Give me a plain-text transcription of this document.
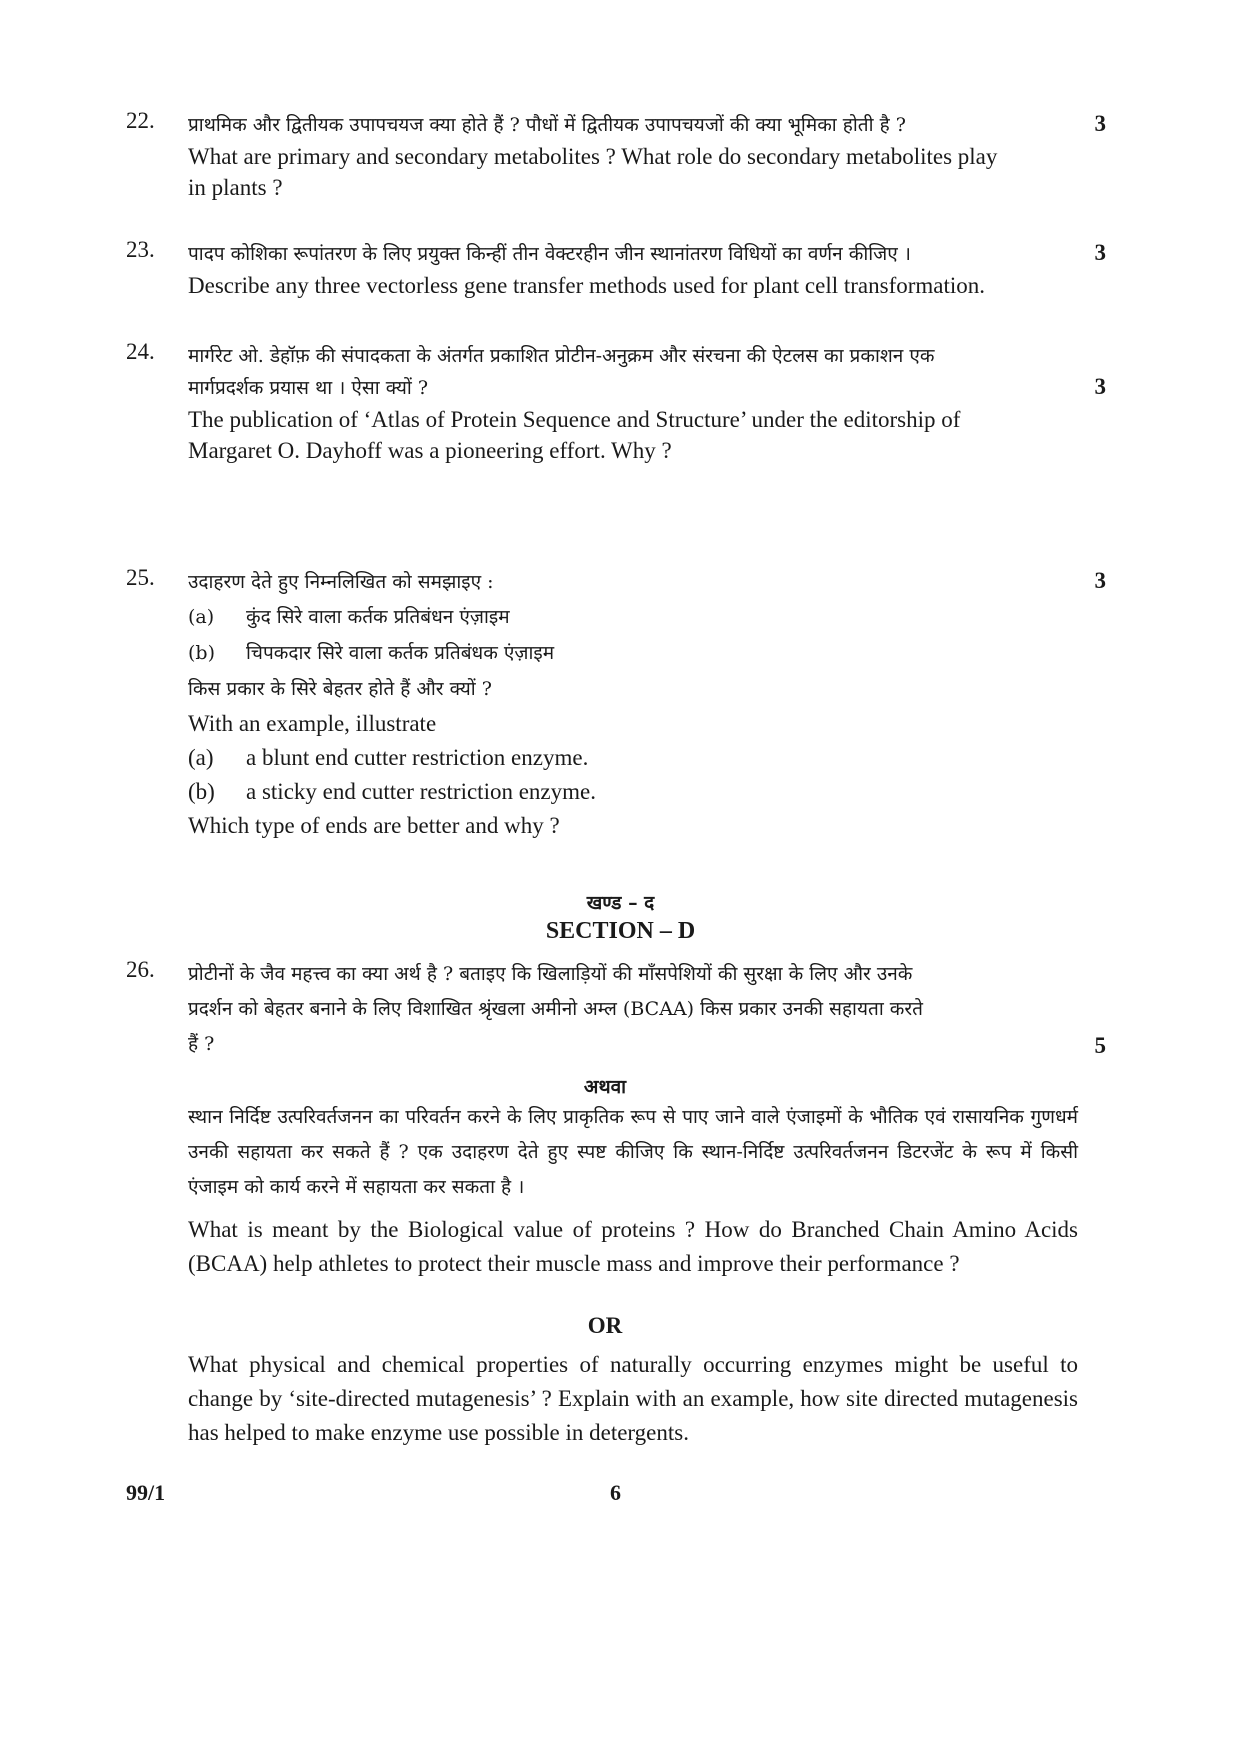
22. प्राथमिक और द्वितीयक उपापचयज क्या होते हैं ? पौधों में द्वितीयक उपापचयजों की क्या भूमिका होती है ?	3
What are primary and secondary metabolites ? What role do secondary metabolites play
in plants ?
23. पादप कोशिका रूपांतरण के लिए प्रयुक्त किन्हीं तीन वेक्टरहीन जीन स्थानांतरण विधियों का वर्णन कीजिए ।	3
Describe any three vectorless gene transfer methods used for plant cell transformation.
24. मार्गरेट ओ. डेहॉफ़ की संपादकता के अंतर्गत प्रकाशित प्रोटीन-अनुक्रम और संरचना की ऐटलस का प्रकाशन एक
मार्गप्रदर्शक प्रयास था । ऐसा क्यों ?	3
The publication of ‘Atlas of Protein Sequence and Structure’ under the editorship of
Margaret O. Dayhoff was a pioneering effort. Why ?
25. उदाहरण देते हुए निम्नलिखित को समझाइए :	3
(a) कुंद सिरे वाला कर्तक प्रतिबंधन एंज़ाइम
(b) चिपकदार सिरे वाला कर्तक प्रतिबंधक एंज़ाइम
किस प्रकार के सिरे बेहतर होते हैं और क्यों ?
With an example, illustrate
(a) a blunt end cutter restriction enzyme.
(b) a sticky end cutter restriction enzyme.
Which type of ends are better and why ?
खण्ड – द
SECTION – D
26. प्रोटीनों के जैव महत्त्व का क्या अर्थ है ? बताइए कि खिलाड़ियों की माँसपेशियों की सुरक्षा के लिए और उनके
प्रदर्शन को बेहतर बनाने के लिए विशाखित श्रृंखला अमीनो अम्ल (BCAA) किस प्रकार उनकी सहायता करते
हैं ?	5
अथवा
स्थान निर्दिष्ट उत्परिवर्तजनन का परिवर्तन करने के लिए प्राकृतिक रूप से पाए जाने वाले एंजाइमों के भौतिक एवं रासायनिक गुणधर्म उनकी सहायता कर सकते हैं ? एक उदाहरण देते हुए स्पष्ट कीजिए कि स्थान-निर्दिष्ट उत्परिवर्तजनन डिटरजेंट के रूप में किसी एंजाइम को कार्य करने में सहायता कर सकता है ।
What is meant by the Biological value of proteins ? How do Branched Chain Amino Acids (BCAA) help athletes to protect their muscle mass and improve their performance ?
OR
What physical and chemical properties of naturally occurring enzymes might be useful to change by ‘site-directed mutagenesis’ ? Explain with an example, how site directed mutagenesis has helped to make enzyme use possible in detergents.
99/1	6
